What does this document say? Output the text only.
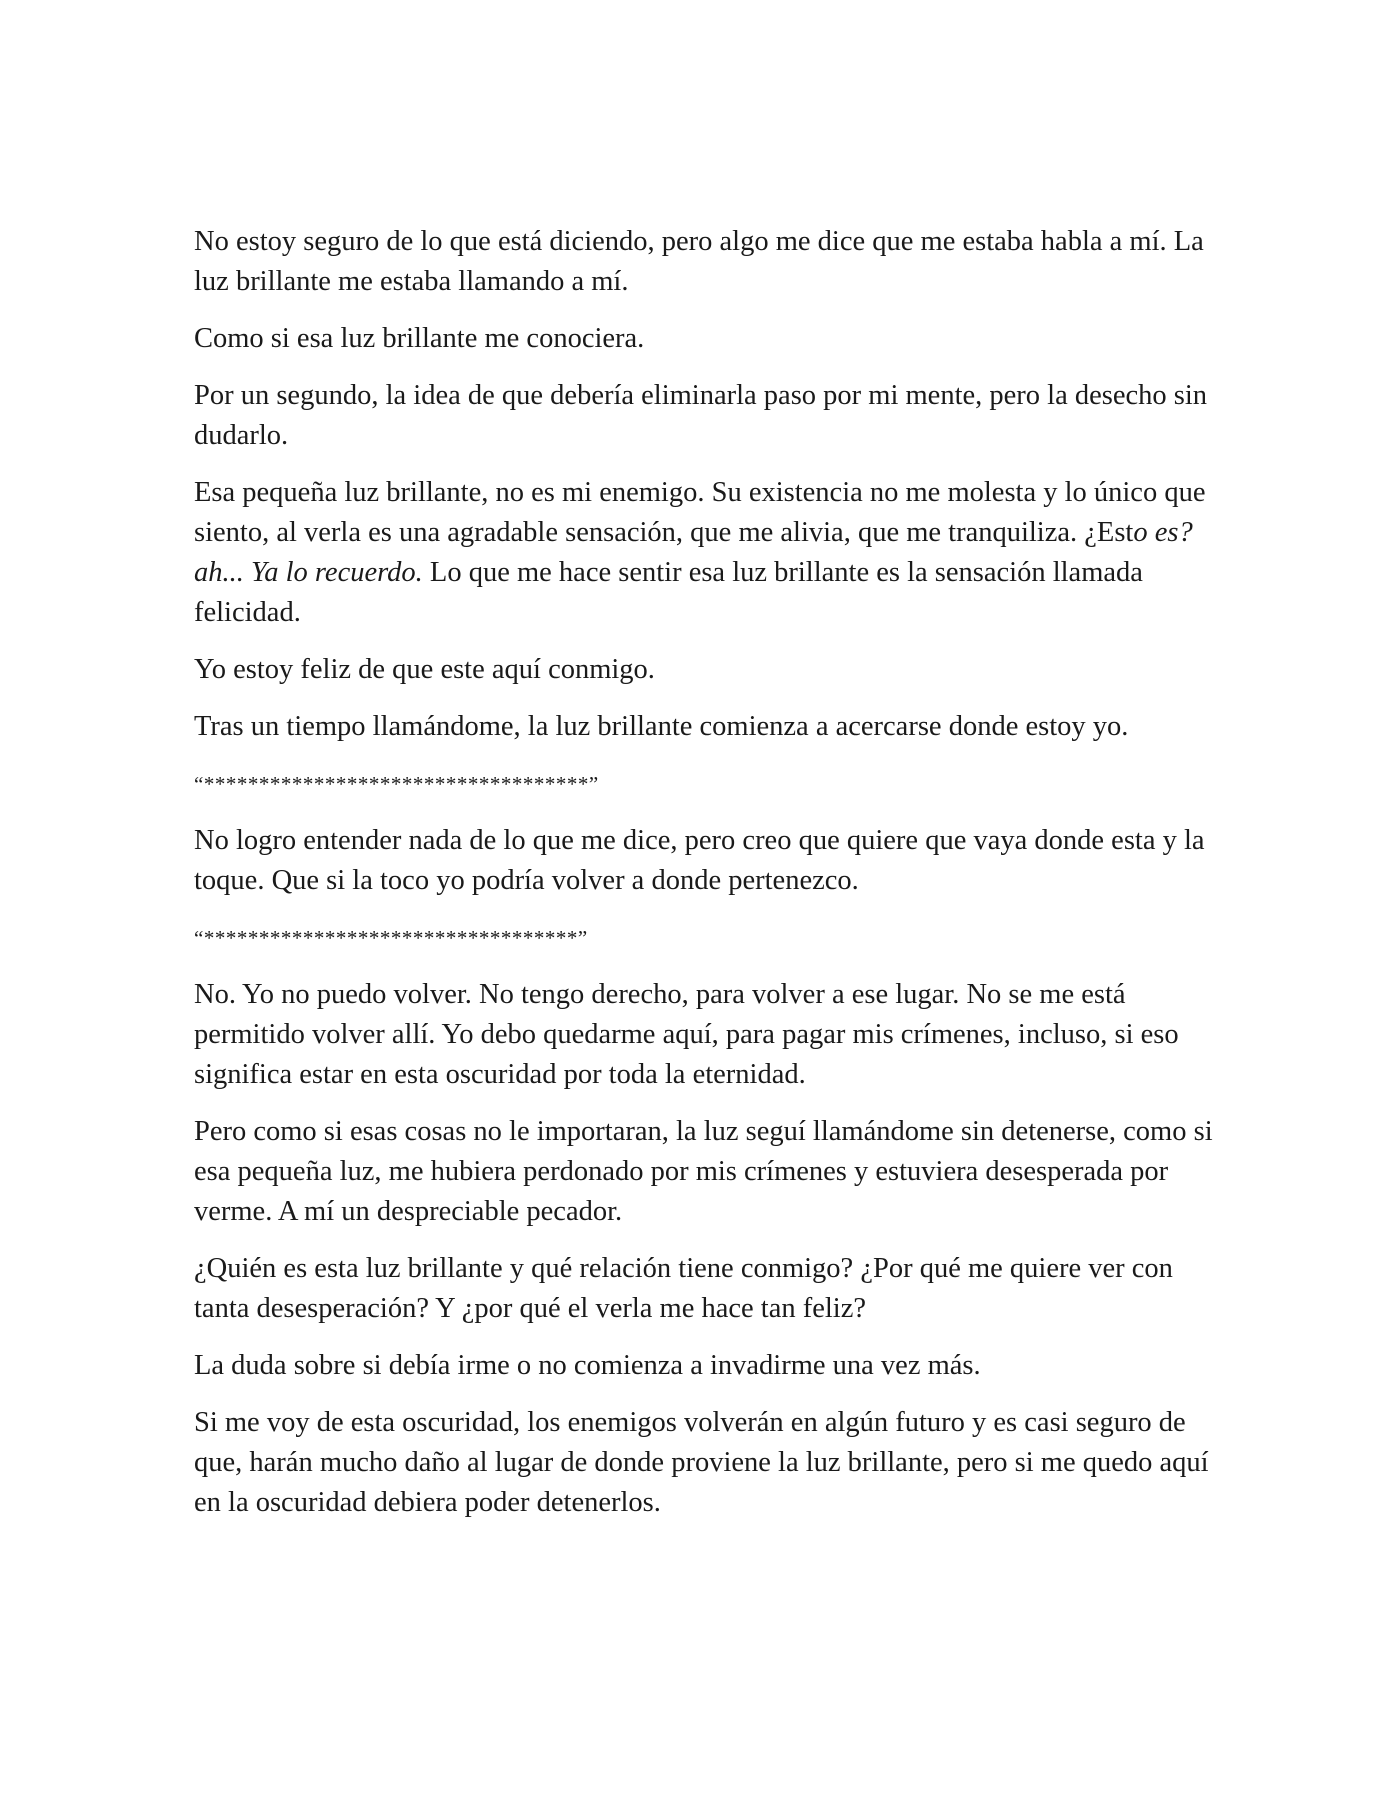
No estoy seguro de lo que está diciendo, pero algo me dice que me estaba habla a mí. La luz brillante me estaba llamando a mí.

Como si esa luz brillante me conociera.

Por un segundo, la idea de que debería eliminarla paso por mi mente, pero la desecho sin dudarlo.

Esa pequeña luz brillante, no es mi enemigo. Su existencia no me molesta y lo único que siento, al verla es una agradable sensación, que me alivia, que me tranquiliza. ¿Esto es? ah... Ya lo recuerdo. Lo que me hace sentir esa luz brillante es la sensación llamada felicidad.

Yo estoy feliz de que este aquí conmigo.

Tras un tiempo llamándome, la luz brillante comienza a acercarse donde estoy yo.

“***********************************”

No logro entender nada de lo que me dice, pero creo que quiere que vaya donde esta y la toque. Que si la toco yo podría volver a donde pertenezco.

“**********************************”

No. Yo no puedo volver. No tengo derecho, para volver a ese lugar. No se me está permitido volver allí. Yo debo quedarme aquí, para pagar mis crímenes, incluso, si eso significa estar en esta oscuridad por toda la eternidad.

Pero como si esas cosas no le importaran, la luz seguí llamándome sin detenerse, como si esa pequeña luz, me hubiera perdonado por mis crímenes y estuviera desesperada por verme. A mí un despreciable pecador.

¿Quién es esta luz brillante y qué relación tiene conmigo? ¿Por qué me quiere ver con tanta desesperación? Y ¿por qué el verla me hace tan feliz?

La duda sobre si debía irme o no comienza a invadirme una vez más.

Si me voy de esta oscuridad, los enemigos volverán en algún futuro y es casi seguro de que, harán mucho daño al lugar de donde proviene la luz brillante, pero si me quedo aquí en la oscuridad debiera poder detenerlos.
